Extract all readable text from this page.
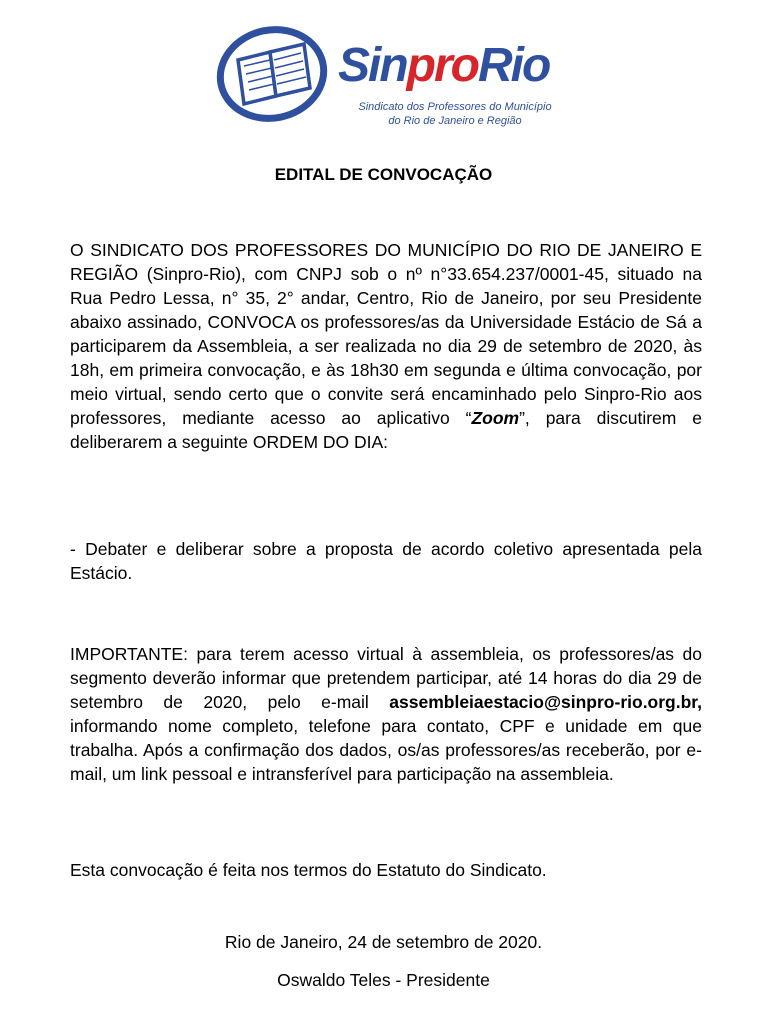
SinproRio
Sindicato dos Professores do Município
do Rio de Janeiro e Região
EDITAL DE CONVOCAÇÃO
O SINDICATO DOS PROFESSORES DO MUNICÍPIO DO RIO DE JANEIRO E REGIÃO (Sinpro-Rio), com CNPJ sob o nº n°33.654.237/0001-45, situado na Rua Pedro Lessa, n° 35, 2° andar, Centro, Rio de Janeiro, por seu Presidente abaixo assinado, CONVOCA os professores/as da Universidade Estácio de Sá a participarem da Assembleia, a ser realizada no dia 29 de setembro de 2020, às 18h, em primeira convocação, e às 18h30 em segunda e última convocação, por meio virtual, sendo certo que o convite será encaminhado pelo Sinpro-Rio aos professores, mediante acesso ao aplicativo “Zoom”, para discutirem e deliberarem a seguinte ORDEM DO DIA:
- Debater e deliberar sobre a proposta de acordo coletivo apresentada pela Estácio.
IMPORTANTE: para terem acesso virtual à assembleia, os professores/as do segmento deverão informar que pretendem participar, até 14 horas do dia 29 de setembro de 2020, pelo e-mail assembleiaestacio@sinpro-rio.org.br, informando nome completo, telefone para contato, CPF e unidade em que trabalha. Após a confirmação dos dados, os/as professores/as receberão, por e-mail, um link pessoal e intransferível para participação na assembleia.
Esta convocação é feita nos termos do Estatuto do Sindicato.
Rio de Janeiro, 24 de setembro de 2020.
Oswaldo Teles - Presidente
